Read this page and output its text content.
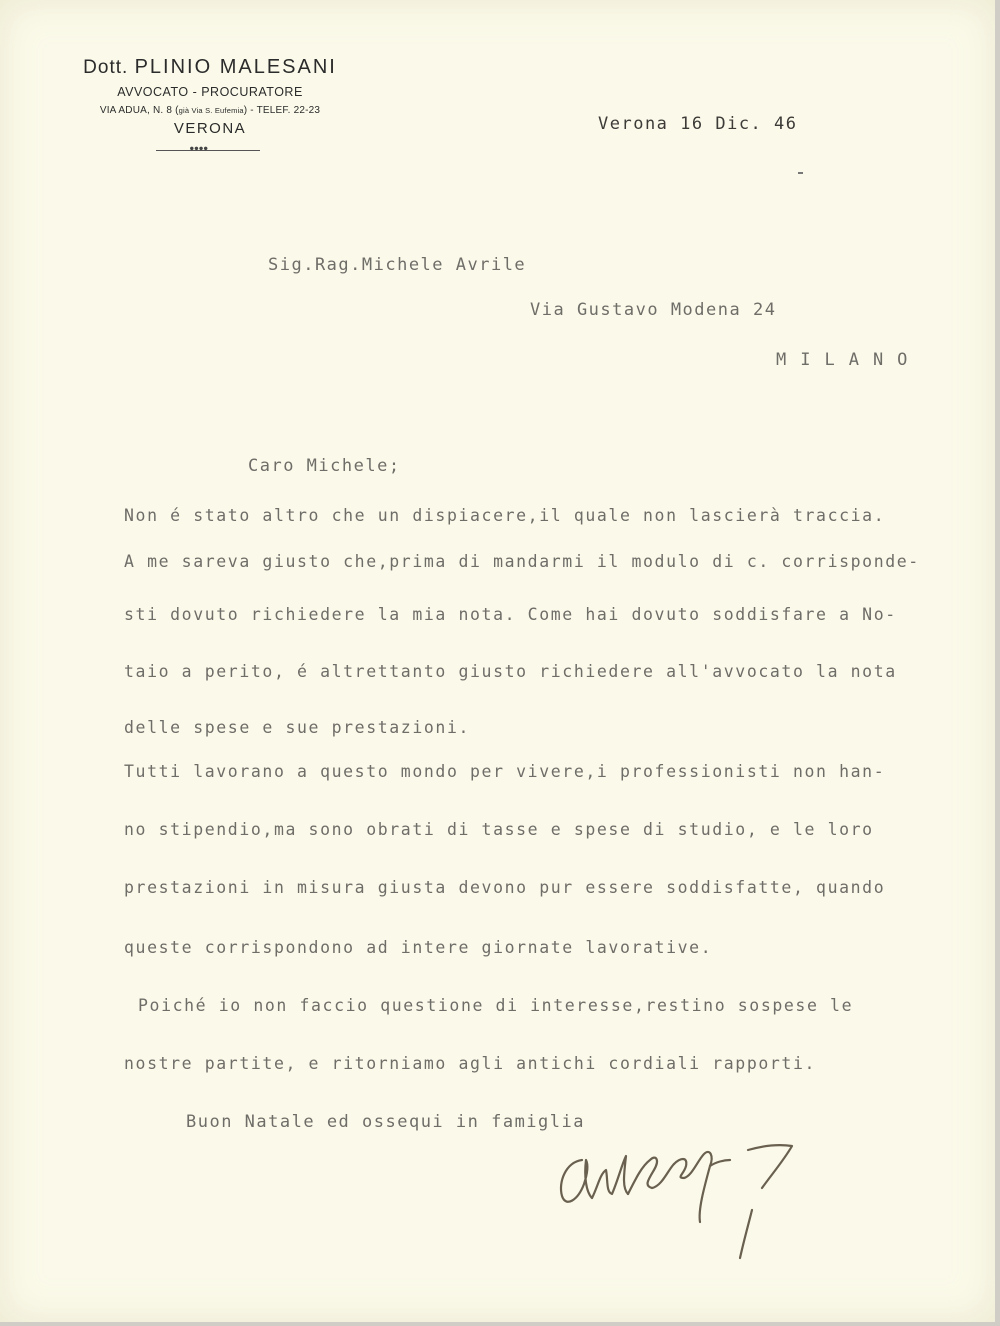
Dott. PLINIO MALESANI
AVVOCATO - PROCURATORE
VIA ADUA, N. 8 (già Via S. Eufemia) - TELEF. 22-23
VERONA
●●●●
Verona 16 Dic. 46
Sig.Rag.Michele Avrile
Via Gustavo Modena 24
MILANO
Caro Michele;
Non é stato altro che un dispiacere,il quale non lascierà traccia.
A me sareva giusto che,prima di mandarmi il modulo di c. corrisponde-
sti dovuto richiedere la mia nota. Come hai dovuto soddisfare a No-
taio a perito, é altrettanto giusto richiedere all'avvocato la nota
delle spese e sue prestazioni.
Tutti lavorano a questo mondo per vivere,i professionisti non han-
no stipendio,ma sono obrati di tasse e spese di studio, e le loro
prestazioni in misura giusta devono pur essere soddisfatte, quando
queste corrispondono ad intere giornate lavorative.
Poiché io non faccio questione di interesse,restino sospese le
nostre partite, e ritorniamo agli antichi cordiali rapporti.
Buon Natale ed ossequi in famiglia
